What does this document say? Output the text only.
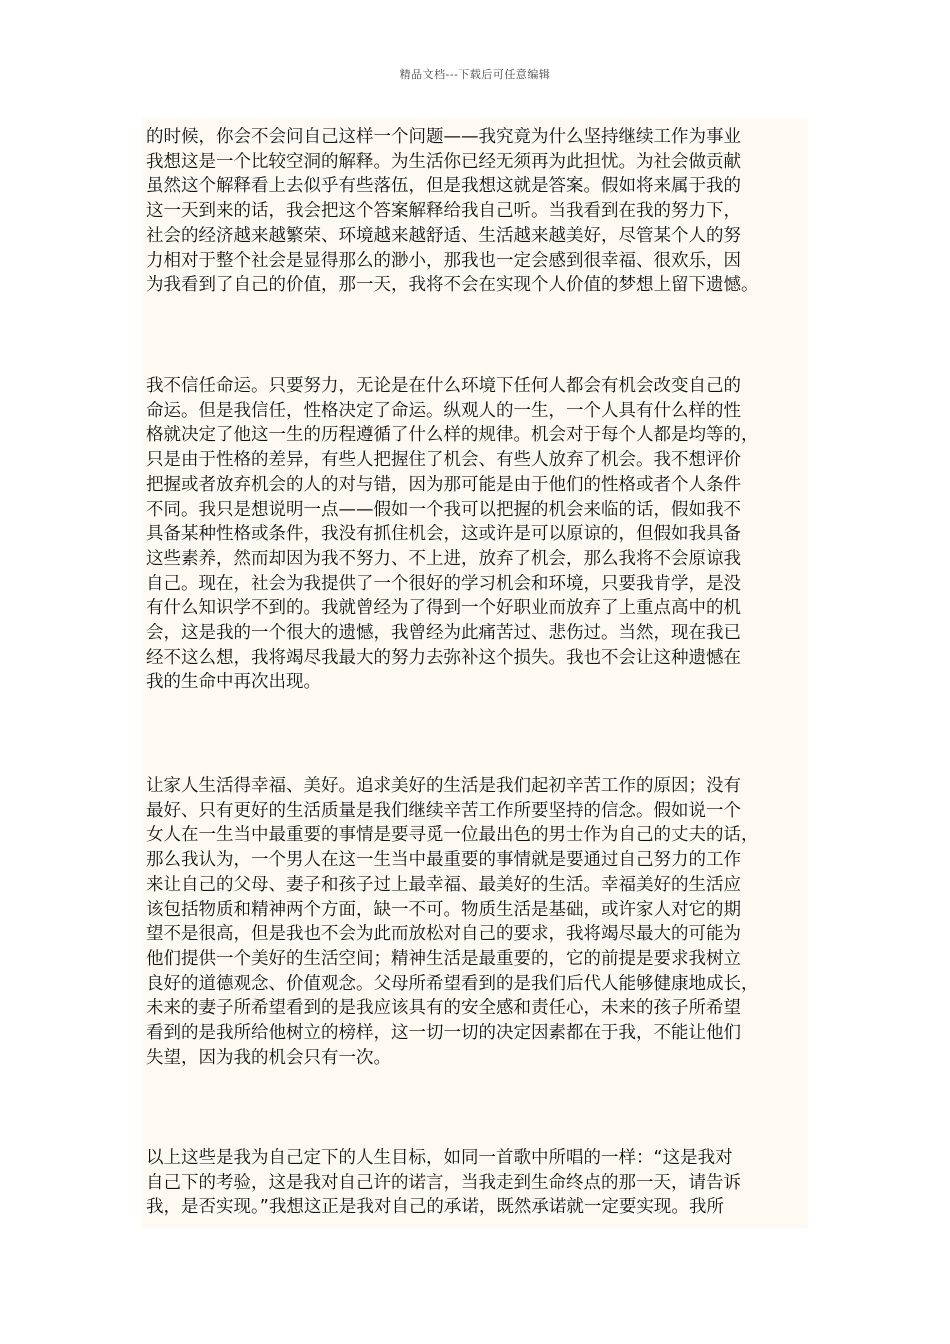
精品文档---下载后可任意编辑

的时候，你会不会问自己这样一个问题——我究竟为什么坚持继续工作为事业
我想这是一个比较空洞的解释。为生活你已经无须再为此担忧。为社会做贡献
虽然这个解释看上去似乎有些落伍，但是我想这就是答案。假如将来属于我的
这一天到来的话，我会把这个答案解释给我自己听。当我看到在我的努力下，
社会的经济越来越繁荣、环境越来越舒适、生活越来越美好，尽管某个人的努
力相对于整个社会是显得那么的渺小，那我也一定会感到很幸福、很欢乐，因
为我看到了自己的价值，那一天，我将不会在实现个人价值的梦想上留下遗憾。

我不信任命运。只要努力，无论是在什么环境下任何人都会有机会改变自己的
命运。但是我信任，性格决定了命运。纵观人的一生，一个人具有什么样的性
格就决定了他这一生的历程遵循了什么样的规律。机会对于每个人都是均等的，
只是由于性格的差异，有些人把握住了机会、有些人放弃了机会。我不想评价
把握或者放弃机会的人的对与错，因为那可能是由于他们的性格或者个人条件
不同。我只是想说明一点——假如一个我可以把握的机会来临的话，假如我不
具备某种性格或条件，我没有抓住机会，这或许是可以原谅的，但假如我具备
这些素养，然而却因为我不努力、不上进，放弃了机会，那么我将不会原谅我
自己。现在，社会为我提供了一个很好的学习机会和环境，只要我肯学，是没
有什么知识学不到的。我就曾经为了得到一个好职业而放弃了上重点高中的机
会，这是我的一个很大的遗憾，我曾经为此痛苦过、悲伤过。当然，现在我已
经不这么想，我将竭尽我最大的努力去弥补这个损失。我也不会让这种遗憾在
我的生命中再次出现。

让家人生活得幸福、美好。追求美好的生活是我们起初辛苦工作的原因；没有
最好、只有更好的生活质量是我们继续辛苦工作所要坚持的信念。假如说一个
女人在一生当中最重要的事情是要寻觅一位最出色的男士作为自己的丈夫的话，
那么我认为，一个男人在这一生当中最重要的事情就是要通过自己努力的工作
来让自己的父母、妻子和孩子过上最幸福、最美好的生活。幸福美好的生活应
该包括物质和精神两个方面，缺一不可。物质生活是基础，或许家人对它的期
望不是很高，但是我也不会为此而放松对自己的要求，我将竭尽最大的可能为
他们提供一个美好的生活空间；精神生活是最重要的，它的前提是要求我树立
良好的道德观念、价值观念。父母所希望看到的是我们后代人能够健康地成长，
未来的妻子所希望看到的是我应该具有的安全感和责任心，未来的孩子所希望
看到的是我所给他树立的榜样，这一切一切的决定因素都在于我，不能让他们
失望，因为我的机会只有一次。

以上这些是我为自己定下的人生目标，如同一首歌中所唱的一样：“这是我对
自己下的考验，这是我对自己许的诺言，当我走到生命终点的那一天，请告诉
我，是否实现。”我想这正是我对自己的承诺，既然承诺就一定要实现。我所
